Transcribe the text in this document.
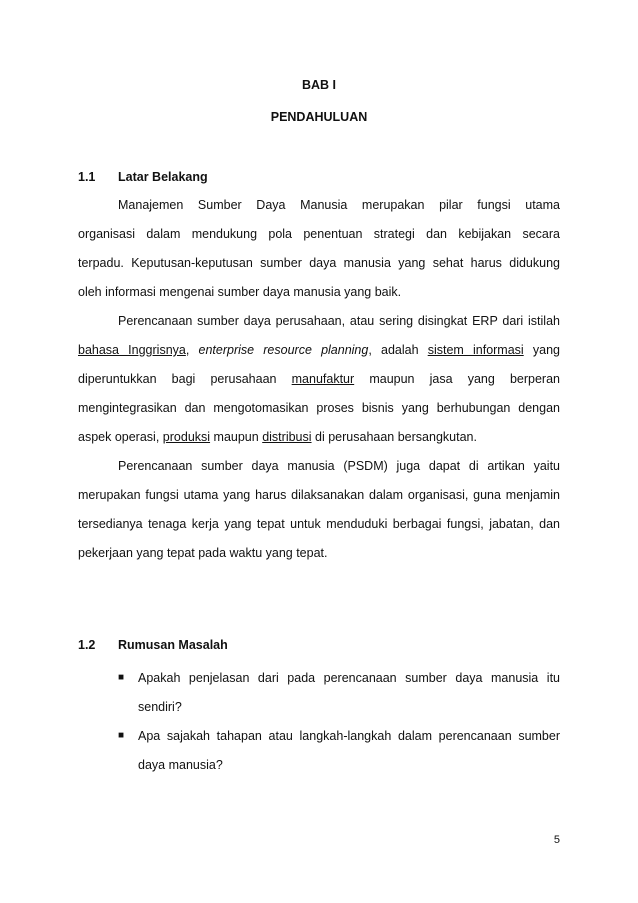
BAB I
PENDAHULUAN
1.1 Latar Belakang
Manajemen Sumber Daya Manusia merupakan pilar fungsi utama
organisasi dalam mendukung pola penentuan strategi dan kebijakan secara
terpadu. Keputusan-keputusan sumber daya manusia yang sehat harus didukung
oleh informasi mengenai sumber daya manusia yang baik.
Perencanaan sumber daya perusahaan, atau sering disingkat ERP dari istilah
bahasa Inggrisnya, enterprise resource planning, adalah sistem informasi yang
diperuntukkan bagi perusahaan manufaktur maupun jasa yang berperan
mengintegrasikan dan mengotomasikan proses bisnis yang berhubungan dengan
aspek operasi, produksi maupun distribusi di perusahaan bersangkutan.
Perencanaan sumber daya manusia (PSDM) juga dapat di artikan yaitu
merupakan fungsi utama yang harus dilaksanakan dalam organisasi, guna menjamin
tersedianya tenaga kerja yang tepat untuk menduduki berbagai fungsi, jabatan, dan
pekerjaan yang tepat pada waktu yang tepat.
1.2 Rumusan Masalah
■ Apakah penjelasan dari pada perencanaan sumber daya manusia itu
sendiri?
■ Apa sajakah tahapan atau langkah-langkah dalam perencanaan sumber
daya manusia?
5
